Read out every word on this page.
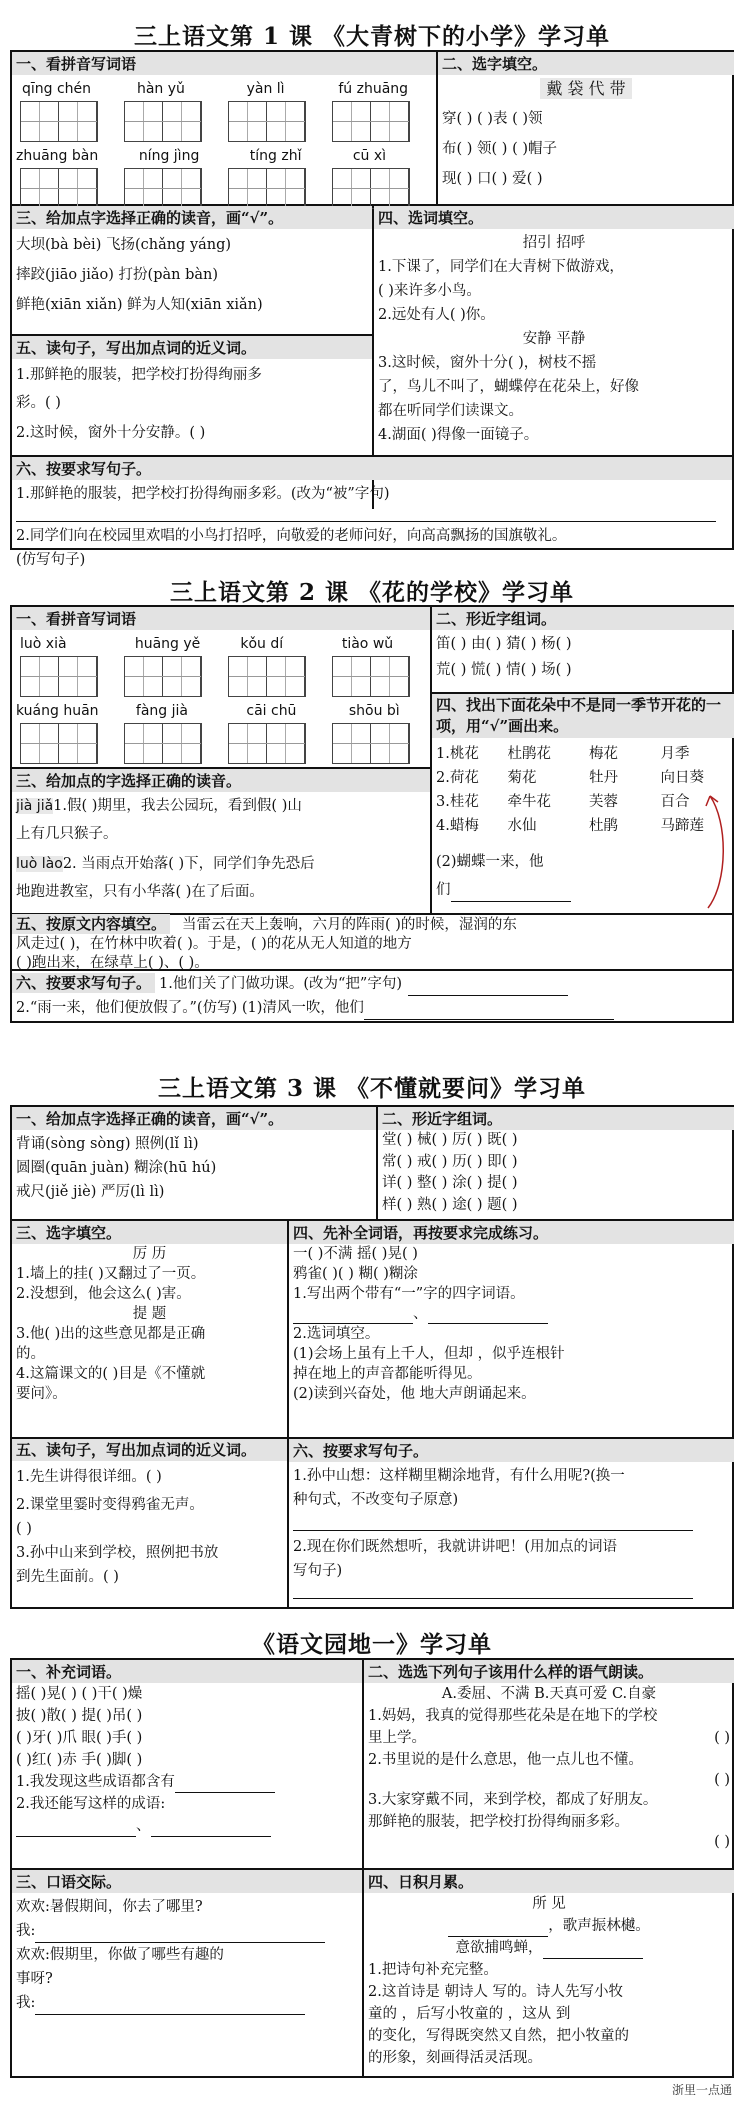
三上语文第 1 课 《大青树下的小学》学习单
一、看拼音写词语
qīng chén	hàn yǔ	yàn lì	fú zhuāng
zhuāng bàn	níng jìng	tíng zhǐ	cū xì
二、选字填空。
戴 袋 代 带
穿( ) ( )表 ( )领
布( ) 领( ) ( )帽子
现( ) 口( ) 爱( )
三、给加点字选择正确的读音，画“√”。
大坝(bà bèi) 飞扬(chǎng yáng)
摔跤(jiāo jiǎo) 打扮(pàn bàn)
鲜艳(xiān xiǎn) 鲜为人知(xiān xiǎn)
四、选词填空。
招引 招呼
1.下课了，同学们在大青树下做游戏，
( )来许多小鸟。
2.远处有人( )你。
安静 平静
3.这时候，窗外十分( )，树枝不摇
了，鸟儿不叫了，蝴蝶停在花朵上，好像
都在听同学们读课文。
4.湖面( )得像一面镜子。
五、读句子，写出加点词的近义词。
1.那鲜艳的服装，把学校打扮得绚丽多
彩。( )
2.这时候，窗外十分安静。( )
六、按要求写句子。
1.那鲜艳的服装，把学校打扮得绚丽多彩。(改为“被”字句)
2.同学们向在校园里欢唱的小鸟打招呼，向敬爱的老师问好，向高高飘扬的国旗敬礼。
(仿写句子)
三上语文第 2 课 《花的学校》学习单
一、看拼音写词语
luò xià	huāng yě	kǒu dí	tiào wǔ
kuáng huān	fàng jià	cāi chū	shōu bì
二、形近字组词。
笛( ) 由( ) 猜( ) 杨( )
荒( ) 慌( ) 情( ) 场( )
四、找出下面花朵中不是同一季节开花的一项，用“√”画出来。
1.桃花	杜鹃花	梅花	月季
2.荷花	菊花	牡丹	向日葵
3.桂花	牵牛花	芙蓉	百合
4.蜡梅	水仙	杜鹃	马蹄莲
(2)蝴蝶一来，他
们
三、给加点的字选择正确的读音。
jià jiǎ1.假( )期里，我去公园玩，看到假( )山
上有几只猴子。
luò lào2. 当雨点开始落( )下，同学们争先恐后
地跑进教室，只有小华落( )在了后面。
五、按原文内容填空。 当雷云在天上轰响，六月的阵雨( )的时候，湿润的东
风走过( )，在竹林中吹着( )。于是，( )的花从无人知道的地方
( )跑出来，在绿草上( )、( )。
六、按要求写句子。 1.他们关了门做功课。(改为“把”字句)
2.“雨一来，他们便放假了。”(仿写) (1)清风一吹，他们
三上语文第 3 课 《不懂就要问》学习单
一、给加点字选择正确的读音，画“√”。
背诵(sòng sòng) 照例(lǐ lì)
圆圈(quān juàn) 糊涂(hū hú)
戒尺(jiě jiè) 严厉(lì lì)
二、形近字组词。
堂( ) 械( ) 厉( ) 既( )
常( ) 戒( ) 历( ) 即( )
详( ) 整( ) 涂( ) 提( )
样( ) 熟( ) 途( ) 题( )
三、选字填空。
厉 历
1.墙上的挂( )又翻过了一页。
2.没想到，他会这么( )害。
提 题
3.他( )出的这些意见都是正确
的。
4.这篇课文的( )目是《不懂就
要问》。
四、先补全词语，再按要求完成练习。
一( )不满 摇( )晃( )
鸦雀( )( ) 糊( )糊涂
1.写出两个带有“一”字的四字词语。
、
2.选词填空。
(1)会场上虽有上千人，但却 ，似乎连根针
掉在地上的声音都能听得见。
(2)读到兴奋处，他 地大声朗诵起来。
五、读句子，写出加点词的近义词。
1.先生讲得很详细。( )
2.课堂里霎时变得鸦雀无声。
( )
3.孙中山来到学校，照例把书放
到先生面前。( )
六、按要求写句子。
1.孙中山想：这样糊里糊涂地背，有什么用呢?(换一
种句式，不改变句子原意)
2.现在你们既然想听，我就讲讲吧！(用加点的词语
写句子)
《语文园地一》学习单
一、补充词语。
摇( )晃( ) ( )干( )燥
披( )散( ) 提( )吊( )
( )牙( )爪 眼( )手( )
( )红( )赤 手( )脚( )
1.我发现这些成语都含有
2.我还能写这样的成语:
、
二、选选下列句子该用什么样的语气朗读。
A.委屈、不满 B.天真可爱 C.自豪
1.妈妈，我真的觉得那些花朵是在地下的学校
里上学。	( )
2.书里说的是什么意思，他一点儿也不懂。
( )
3.大家穿戴不同，来到学校，都成了好朋友。
那鲜艳的服装，把学校打扮得绚丽多彩。
( )
三、口语交际。
欢欢:暑假期间，你去了哪里?
我:
欢欢:假期里，你做了哪些有趣的
事呀?
我:
四、日积月累。
所 见
，歌声振林樾。
意欲捕鸣蝉，
1.把诗句补充完整。
2.这首诗是 朝诗人 写的。诗人先写小牧
童的 ，后写小牧童的 ，这从 到
的变化，写得既突然又自然，把小牧童的
的形象，刻画得活灵活现。
浙里一点通
